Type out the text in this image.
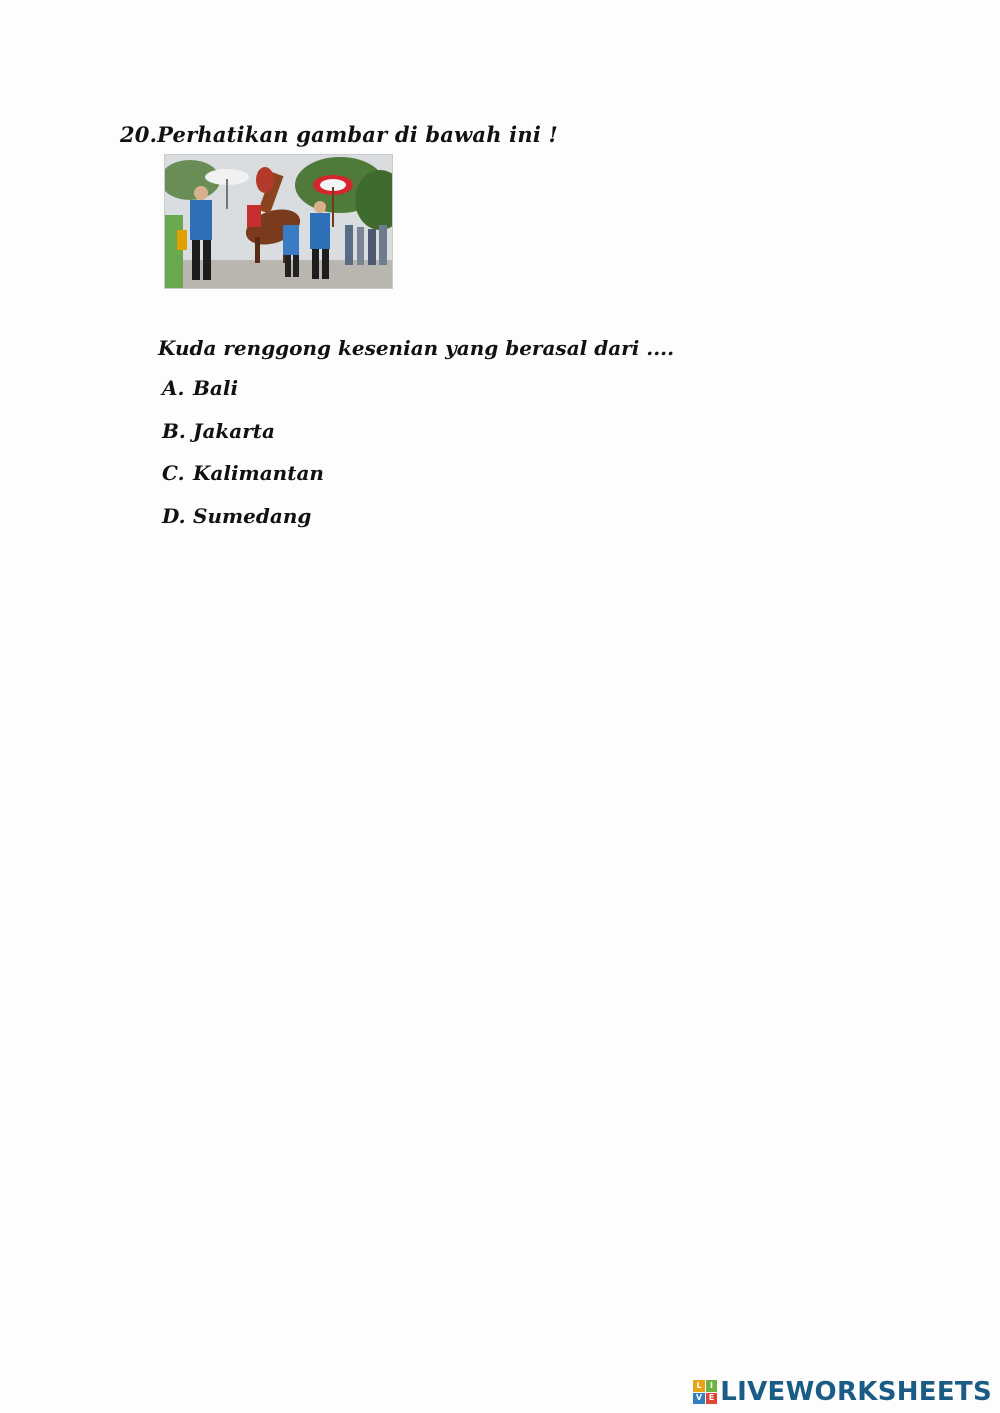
20.Perhatikan gambar di bawah ini !
Kuda renggong kesenian yang berasal dari ....
A. Bali
B. Jakarta
C. Kalimantan
D. Sumedang
L	I
V E LIVEWORKSHEETS
